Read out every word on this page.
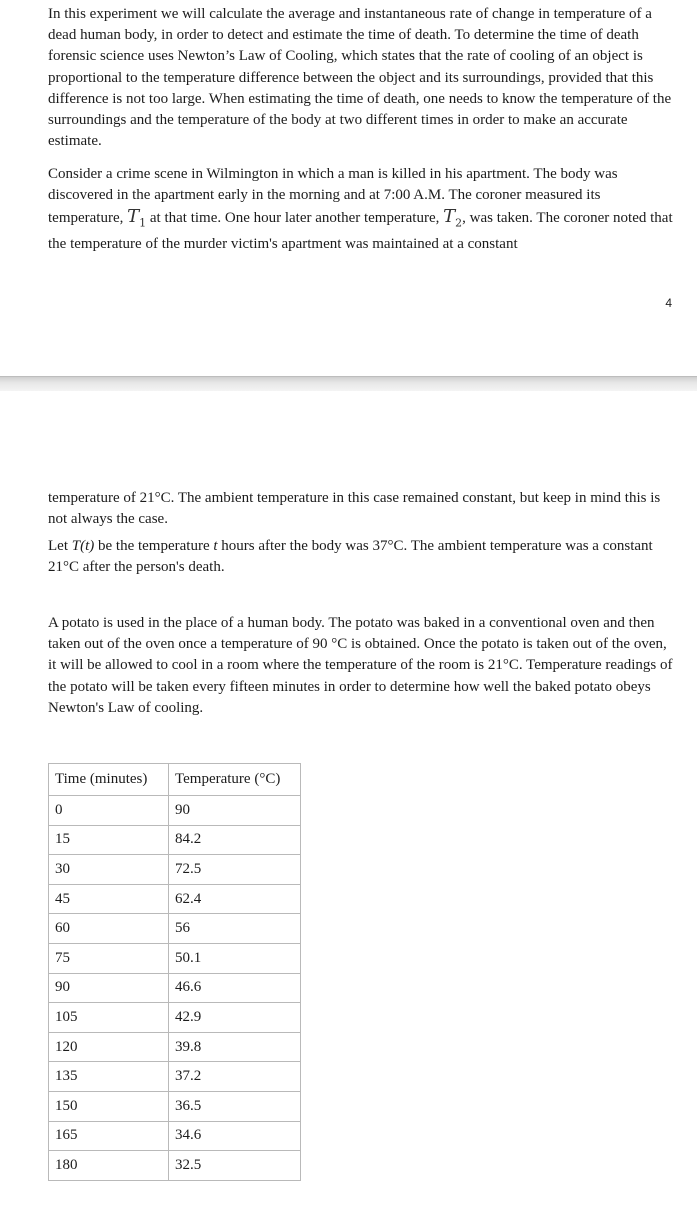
In this experiment we will calculate the average and instantaneous rate of change in temperature of a dead human body, in order to detect and estimate the time of death. To determine the time of death forensic science uses Newton’s Law of Cooling, which states that the rate of cooling of an object is proportional to the temperature difference between the object and its surroundings, provided that this difference is not too large. When estimating the time of death, one needs to know the temperature of the surroundings and the temperature of the body at two different times in order to make an accurate estimate.

Consider a crime scene in Wilmington in which a man is killed in his apartment. The body was discovered in the apartment early in the morning and at 7:00 A.M. The coroner measured its temperature, $T_1$ at that time. One hour later another temperature, $T_2$, was taken. The coroner noted that the temperature of the murder victim's apartment was maintained at a constant

4

temperature of 21°C. The ambient temperature in this case remained constant, but keep in mind this is not always the case.

Let T(t) be the temperature t hours after the body was 37°C. The ambient temperature was a constant 21°C after the person's death.

A potato is used in the place of a human body. The potato was baked in a conventional oven and then taken out of the oven once a temperature of 90 °C is obtained. Once the potato is taken out of the oven, it will be allowed to cool in a room where the temperature of the room is 21°C. Temperature readings of the potato will be taken every fifteen minutes in order to determine how well the baked potato obeys Newton's Law of cooling.

Time (minutes)	Temperature (°C)
0	90
15	84.2
30	72.5
45	62.4
60	56
75	50.1
90	46.6
105	42.9
120	39.8
135	37.2
150	36.5
165	34.6
180	32.5
